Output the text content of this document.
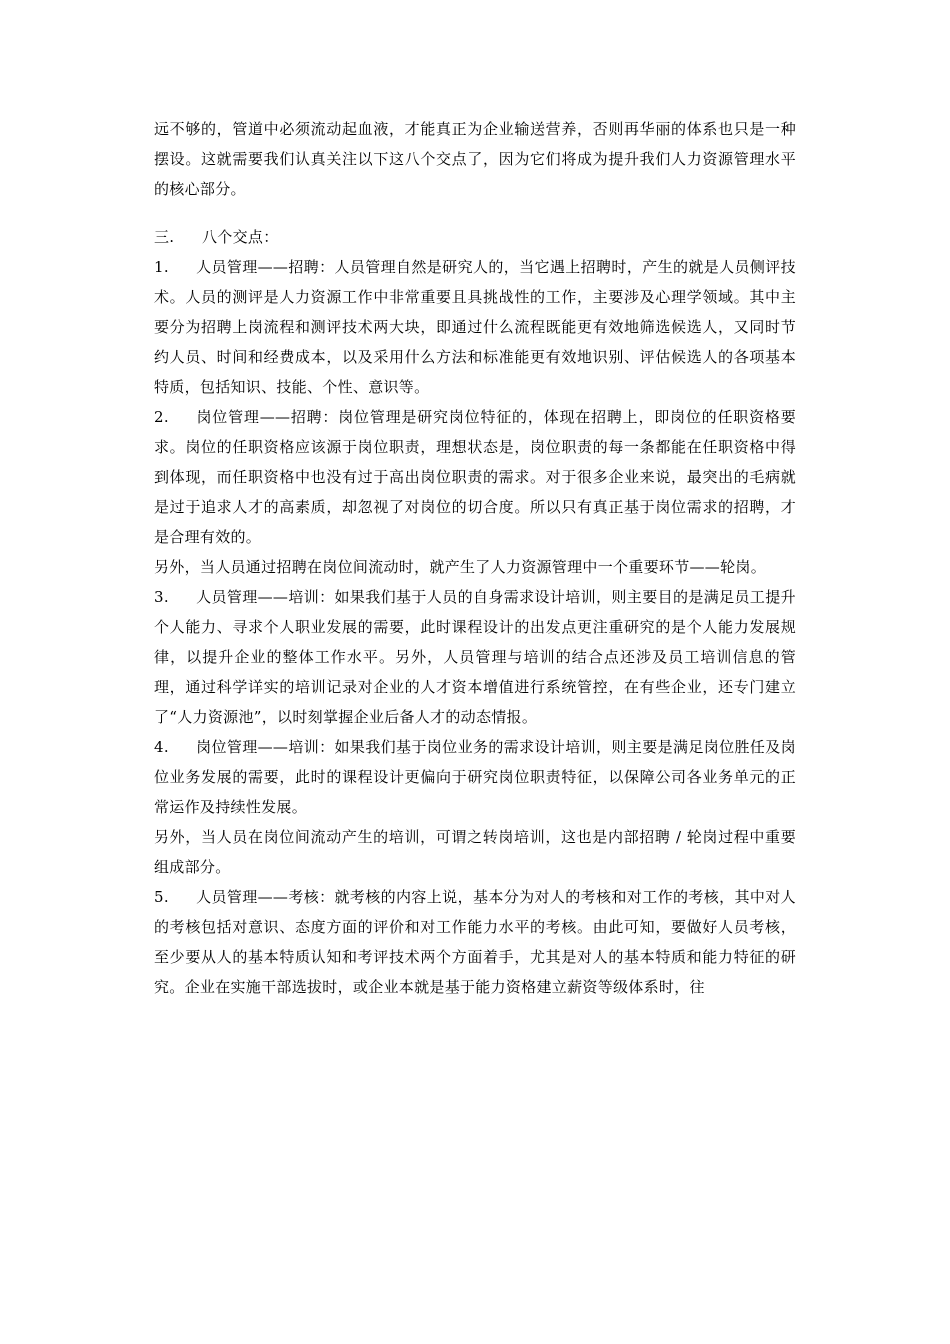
远不够的，管道中必须流动起血液，才能真正为企业输送营养，否则再华丽的体系也只是一种摆设。这就需要我们认真关注以下这八个交点了，因为它们将成为提升我们人力资源管理水平的核心部分。

三. 八个交点：

1. 人员管理——招聘：人员管理自然是研究人的，当它遇上招聘时，产生的就是人员侧评技术。人员的测评是人力资源工作中非常重要且具挑战性的工作，主要涉及心理学领域。其中主要分为招聘上岗流程和测评技术两大块，即通过什么流程既能更有效地筛选候选人，又同时节约人员、时间和经费成本，以及采用什么方法和标准能更有效地识别、评估候选人的各项基本特质，包括知识、技能、个性、意识等。

2. 岗位管理——招聘：岗位管理是研究岗位特征的，体现在招聘上，即岗位的任职资格要求。岗位的任职资格应该源于岗位职责，理想状态是，岗位职责的每一条都能在任职资格中得到体现，而任职资格中也没有过于高出岗位职责的需求。对于很多企业来说，最突出的毛病就是过于追求人才的高素质，却忽视了对岗位的切合度。所以只有真正基于岗位需求的招聘，才是合理有效的。

另外，当人员通过招聘在岗位间流动时，就产生了人力资源管理中一个重要环节——轮岗。

3. 人员管理——培训：如果我们基于人员的自身需求设计培训，则主要目的是满足员工提升个人能力、寻求个人职业发展的需要，此时课程设计的出发点更注重研究的是个人能力发展规律，以提升企业的整体工作水平。另外，人员管理与培训的结合点还涉及员工培训信息的管理，通过科学详实的培训记录对企业的人才资本增值进行系统管控，在有些企业，还专门建立了“人力资源池”，以时刻掌握企业后备人才的动态情报。

4. 岗位管理——培训：如果我们基于岗位业务的需求设计培训，则主要是满足岗位胜任及岗位业务发展的需要，此时的课程设计更偏向于研究岗位职责特征，以保障公司各业务单元的正常运作及持续性发展。

另外，当人员在岗位间流动产生的培训，可谓之转岗培训，这也是内部招聘 / 轮岗过程中重要组成部分。

5. 人员管理——考核：就考核的内容上说，基本分为对人的考核和对工作的考核，其中对人的考核包括对意识、态度方面的评价和对工作能力水平的考核。由此可知，要做好人员考核，至少要从人的基本特质认知和考评技术两个方面着手，尤其是对人的基本特质和能力特征的研究。企业在实施干部选拔时，或企业本就是基于能力资格建立薪资等级体系时，往
